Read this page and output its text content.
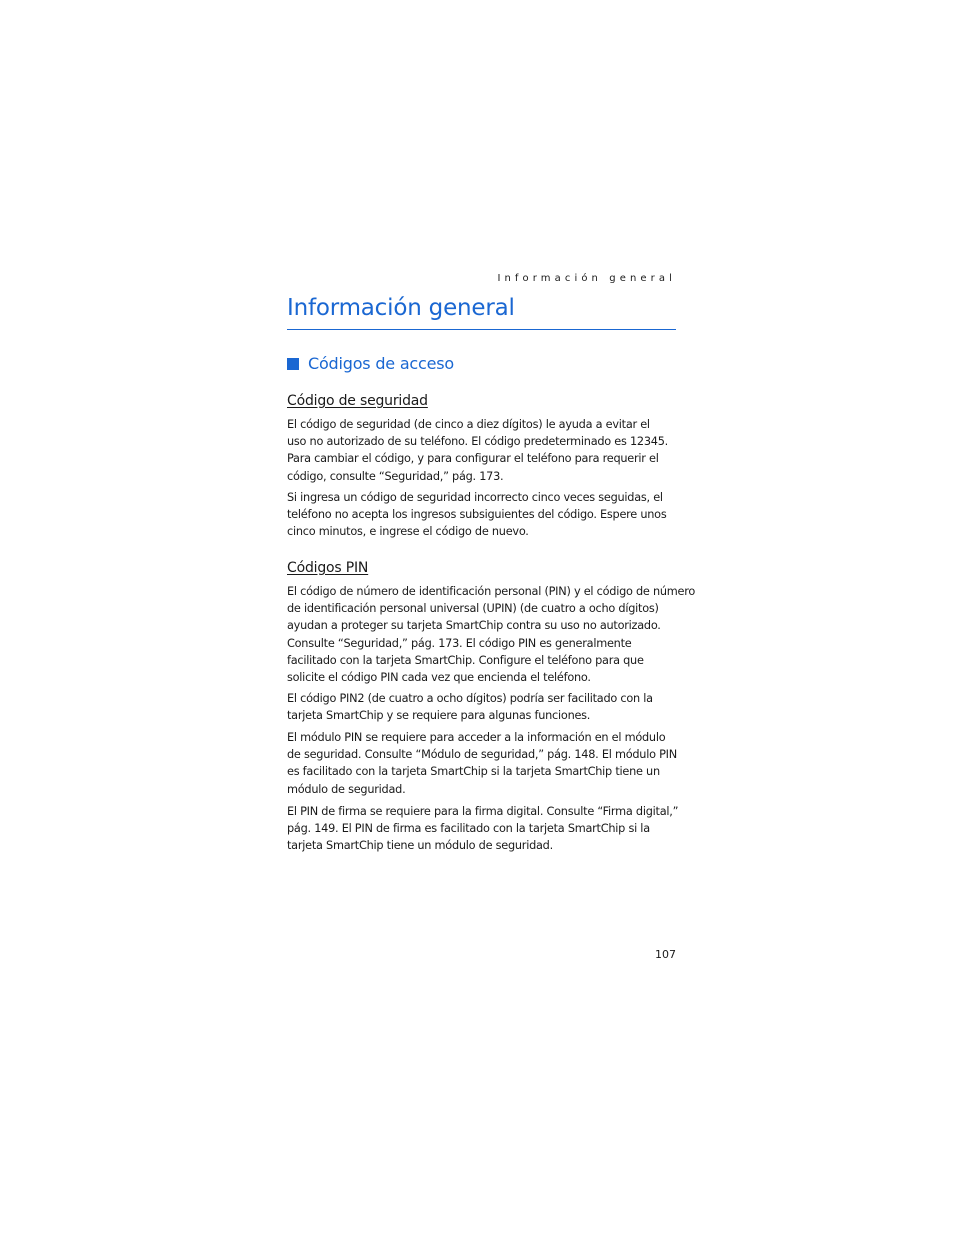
Información general
Información general
Códigos de acceso
Código de seguridad

El código de seguridad (de cinco a diez dígitos) le ayuda a evitar el
uso no autorizado de su teléfono. El código predeterminado es 12345.
Para cambiar el código, y para configurar el teléfono para requerir el
código, consulte “Seguridad,” pág. 173.

Si ingresa un código de seguridad incorrecto cinco veces seguidas, el
teléfono no acepta los ingresos subsiguientes del código. Espere unos
cinco minutos, e ingrese el código de nuevo.

Códigos PIN

El código de número de identificación personal (PIN) y el código de número
de identificación personal universal (UPIN) (de cuatro a ocho dígitos)
ayudan a proteger su tarjeta SmartChip contra su uso no autorizado.
Consulte “Seguridad,” pág. 173. El código PIN es generalmente
facilitado con la tarjeta SmartChip. Configure el teléfono para que
solicite el código PIN cada vez que encienda el teléfono.

El código PIN2 (de cuatro a ocho dígitos) podría ser facilitado con la
tarjeta SmartChip y se requiere para algunas funciones.

El módulo PIN se requiere para acceder a la información en el módulo
de seguridad. Consulte “Módulo de seguridad,” pág. 148. El módulo PIN
es facilitado con la tarjeta SmartChip si la tarjeta SmartChip tiene un
módulo de seguridad.

El PIN de firma se requiere para la firma digital. Consulte “Firma digital,”
pág. 149. El PIN de firma es facilitado con la tarjeta SmartChip si la
tarjeta SmartChip tiene un módulo de seguridad.

107
